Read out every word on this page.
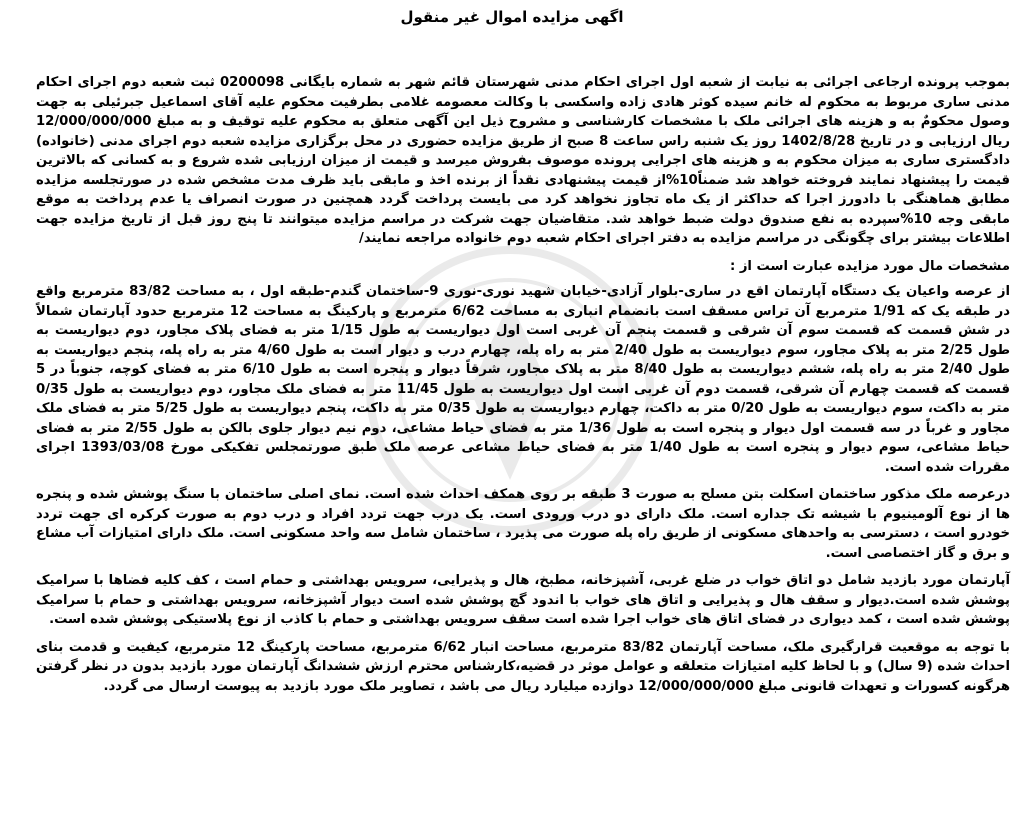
اگهی مزایده اموال غیر منقول

بموجب پرونده ارجاعی اجرائی به نیابت از شعبه اول اجرای احکام مدنی شهرستان قائم شهر به شماره بایگانی 0200098 ثبت شعبه دوم اجرای احکام مدنی ساری مربوط به محکوم له خانم سیده کوثر هادی زاده واسکسی با وکالت معصومه غلامی بطرفیت محکوم علیه آقای اسماعیل جبرئیلی به جهت وصول محکومٌ به و هزینه های اجرائی ملک با مشخصات کارشناسی و مشروح ذیل این آگهی متعلق به محکوم علیه توقیف و به مبلغ 12/000/000/000 ریال ارزیابی و در تاریخ 1402/8/28 روز یک شنبه راس ساعت 8 صبح از طریق مزایده حضوری در محل برگزاری مزایده شعبه دوم اجرای مدنی (خانواده) دادگستری ساری به میزان محکوم به و هزینه های اجرایی پرونده موصوف بفروش میرسد و قیمت از میزان ارزیابی شده شروع و به کسانی که بالاترین قیمت را پیشنهاد نمایند فروخته خواهد شد ضمناً10%از قیمت پیشنهادی نقداً از برنده اخذ و مابقی باید ظرف مدت مشخص شده در صورتجلسه مزایده مطابق هماهنگی با دادورز اجرا که حداکثر از یک ماه تجاوز نخواهد کرد می بایست پرداخت گردد همچنین در صورت انصراف یا عدم پرداخت به موقع مابقی وجه 10%سپرده به نفع صندوق دولت ضبط خواهد شد. متقاضیان جهت شرکت در مراسم مزایده میتوانند تا پنج روز قبل از تاریخ مزایده جهت اطلاعات بیشتر برای چگونگی در مراسم مزایده به دفتر اجرای احکام شعبه دوم خانواده مراجعه نمایند/

مشخصات مال مورد مزایده عبارت است از :

از عرصه واعیان یک دستگاه آپارتمان اقع در ساری-بلوار آزادی-خیابان شهید نوری-نوری 9-ساختمان گندم-طبقه اول ، به مساحت 83/82 مترمربع واقع در طبقه یک که 1/91 مترمربع آن تراس مسقف است بانضمام انباری به مساحت 6/62 مترمربع و پارکینگ به مساحت 12 مترمربع حدود آپارتمان شمالاً در شش قسمت که قسمت سوم آن شرقی و قسمت پنجم آن غربی است اول دیواریست به طول 1/15 متر به فضای پلاک مجاور، دوم دیواریست به طول 2/25 متر به پلاک مجاور، سوم دیواریست به طول 2/40 متر به راه پله، چهارم درب و دیوار است به طول 4/60 متر به راه پله، پنجم دیواریست به طول 2/40 متر به راه پله، ششم دیواریست به طول 8/40 متر به پلاک مجاور، شرقاً دیوار و پنجره است به طول 6/10 متر به فضای کوچه، جنوباً در 5 قسمت که قسمت چهارم آن شرقی، قسمت دوم آن غربی است اول دیواریست به طول 11/45 متر به فضای ملک مجاور، دوم دیواریست به طول 0/35 متر به داکت، سوم دیواریست به طول 0/20 متر به داکت، چهارم دیواریست به طول 0/35 متر به داکت، پنجم دیواریست به طول 5/25 متر به فضای ملک مجاور و غرباً در سه قسمت اول دیوار و پنجره است به طول 1/36 متر به فضای حیاط مشاعی، دوم نیم دیوار جلوی بالکن به طول 2/55 متر به فضای حیاط مشاعی، سوم دیوار و پنجره است به طول 1/40 متر به فضای حیاط مشاعی عرصه ملک طبق صورتمجلس تفکیکی مورخ 1393/03/08 اجرای مقررات شده است.

درعرصه ملک مذکور ساختمان اسکلت بتن مسلح به صورت 3 طبقه بر روی همکف احداث شده است. نمای اصلی ساختمان با سنگ پوشش شده و پنجره ها از نوع آلومینیوم با شیشه تک جداره است. ملک دارای دو درب ورودی است. یک درب جهت تردد افراد و درب دوم به صورت کرکره ای جهت تردد خودرو است ، دسترسی به واحدهای مسکونی از طریق راه پله صورت می پذیرد ، ساختمان شامل سه واحد مسکونی است. ملک دارای امتیازات آب مشاع و برق و گاز اختصاصی است.

آپارتمان مورد بازدید شامل دو اتاق خواب در ضلع غربی، آشپزخانه، مطبخ، هال و پذیرایی، سرویس بهداشتی و حمام است ، کف کلیه فضاها با سرامیک پوشش شده است.دیوار و سقف هال و پذیرایی و اتاق های خواب با اندود گچ پوشش شده است دیوار آشپزخانه، سرویس بهداشتی و حمام با سرامیک پوشش شده است ، کمد دیواری در فضای اتاق های خواب اجرا شده است سقف سرویس بهداشتی و حمام با کاذب از نوع پلاستیکی پوشش شده است.

با توجه به موقعیت قرارگیری ملک، مساحت آپارتمان 83/82 مترمربع، مساحت انبار 6/62 مترمربع، مساحت پارکینگ 12 مترمربع، کیفیت و قدمت بنای احداث شده (9 سال) و با لحاظ کلیه امتیازات متعلقه و عوامل موثر در قضیه،کارشناس محترم ارزش ششدانگ آپارتمان مورد بازدید بدون در نظر گرفتن هرگونه کسورات و تعهدات قانونی مبلغ 12/000/000/000 دوازده میلیارد ریال می باشد ، تصاویر ملک مورد بازدید به پیوست ارسال می گردد.
